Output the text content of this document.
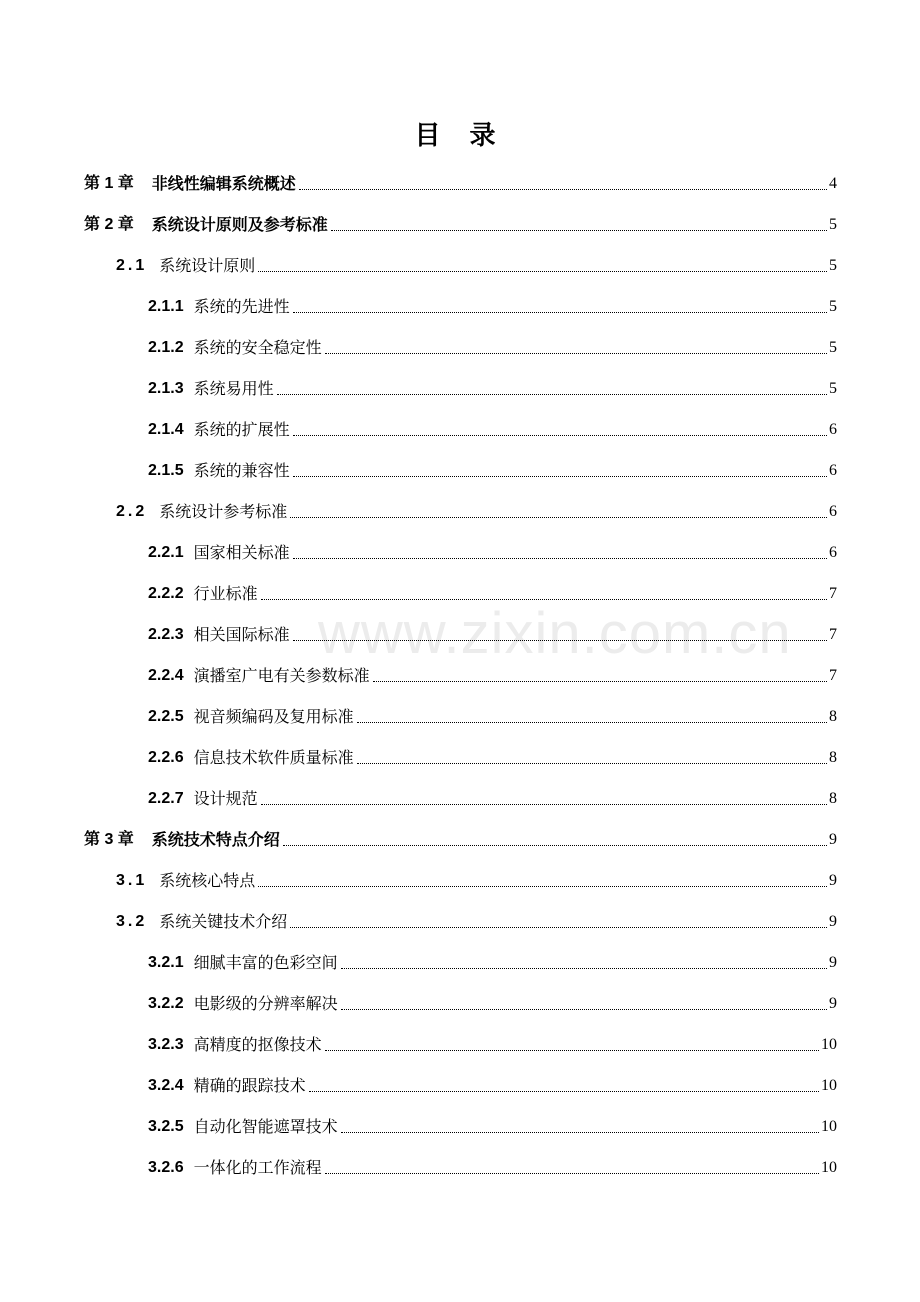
目 录
www.zixin.com.cn
第 1 章 非线性编辑系统概述	4
第 2 章 系统设计原则及参考标准	5
2.1 系统设计原则	5
2.1.1 系统的先进性	5
2.1.2 系统的安全稳定性	5
2.1.3 系统易用性	5
2.1.4 系统的扩展性	6
2.1.5 系统的兼容性	6
2.2 系统设计参考标准	6
2.2.1 国家相关标准	6
2.2.2 行业标准	7
2.2.3 相关国际标准	7
2.2.4 演播室广电有关参数标准	7
2.2.5 视音频编码及复用标准	8
2.2.6 信息技术软件质量标准	8
2.2.7 设计规范	8
第 3 章 系统技术特点介绍	9
3.1 系统核心特点	9
3.2 系统关键技术介绍	9
3.2.1 细腻丰富的色彩空间	9
3.2.2 电影级的分辨率解决	9
3.2.3 高精度的抠像技术	10
3.2.4 精确的跟踪技术	10
3.2.5 自动化智能遮罩技术	10
3.2.6 一体化的工作流程	10
